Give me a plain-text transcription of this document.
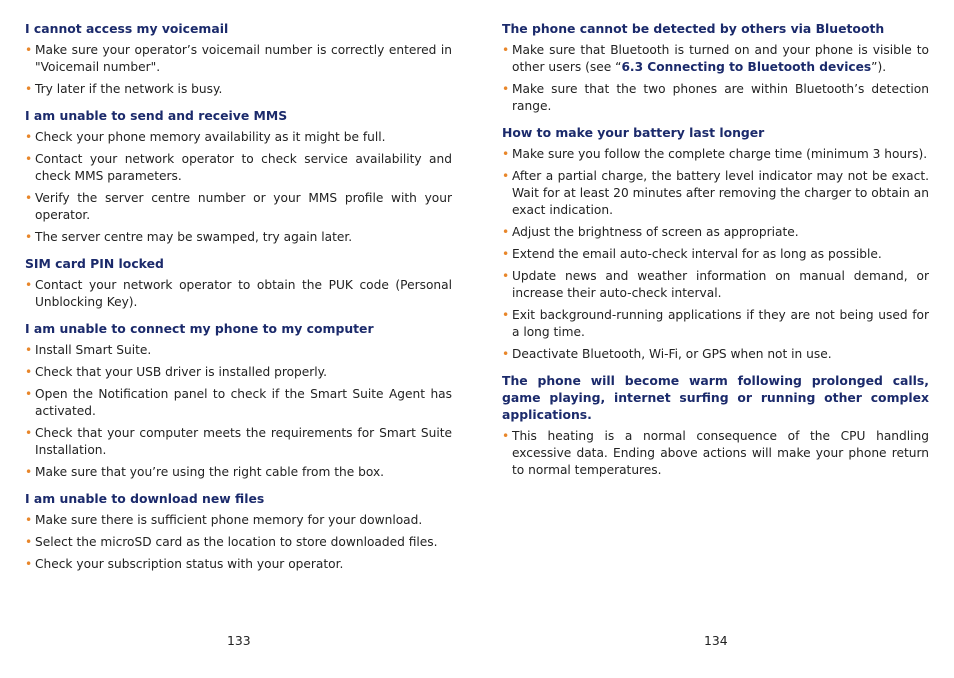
I cannot access my voicemail
• Make sure your operator’s voicemail number is correctly entered in "Voicemail number".
• Try later if the network is busy.
I am unable to send and receive MMS
• Check your phone memory availability as it might be full.
• Contact your network operator to check service availability and check MMS parameters.
• Verify the server centre number or your MMS profile with your operator.
• The server centre may be swamped, try again later.
SIM card PIN locked
• Contact your network operator to obtain the PUK code (Personal Unblocking Key).
I am unable to connect my phone to my computer
• Install Smart Suite.
• Check that your USB driver is installed properly.
• Open the Notification panel to check if the Smart Suite Agent has activated.
• Check that your computer meets the requirements for Smart Suite Installation.
• Make sure that you’re using the right cable from the box.
I am unable to download new files
• Make sure there is sufficient phone memory for your download.
• Select the microSD card as the location to store downloaded files.
• Check your subscription status with your operator.
The phone cannot be detected by others via Bluetooth
• Make sure that Bluetooth is turned on and your phone is visible to other users (see “6.3 Connecting to Bluetooth devices”).
• Make sure that the two phones are within Bluetooth’s detection range.
How to make your battery last longer
• Make sure you follow the complete charge time (minimum 3 hours).
• After a partial charge, the battery level indicator may not be exact. Wait for at least 20 minutes after removing the charger to obtain an exact indication.
• Adjust the brightness of screen as appropriate.
• Extend the email auto-check interval for as long as possible.
• Update news and weather information on manual demand, or increase their auto-check interval.
• Exit background-running applications if they are not being used for a long time.
• Deactivate Bluetooth, Wi-Fi, or GPS when not in use.
The phone will become warm following prolonged calls, game playing, internet surfing or running other complex applications.
• This heating is a normal consequence of the CPU handling excessive data. Ending above actions will make your phone return to normal temperatures.
133	134
